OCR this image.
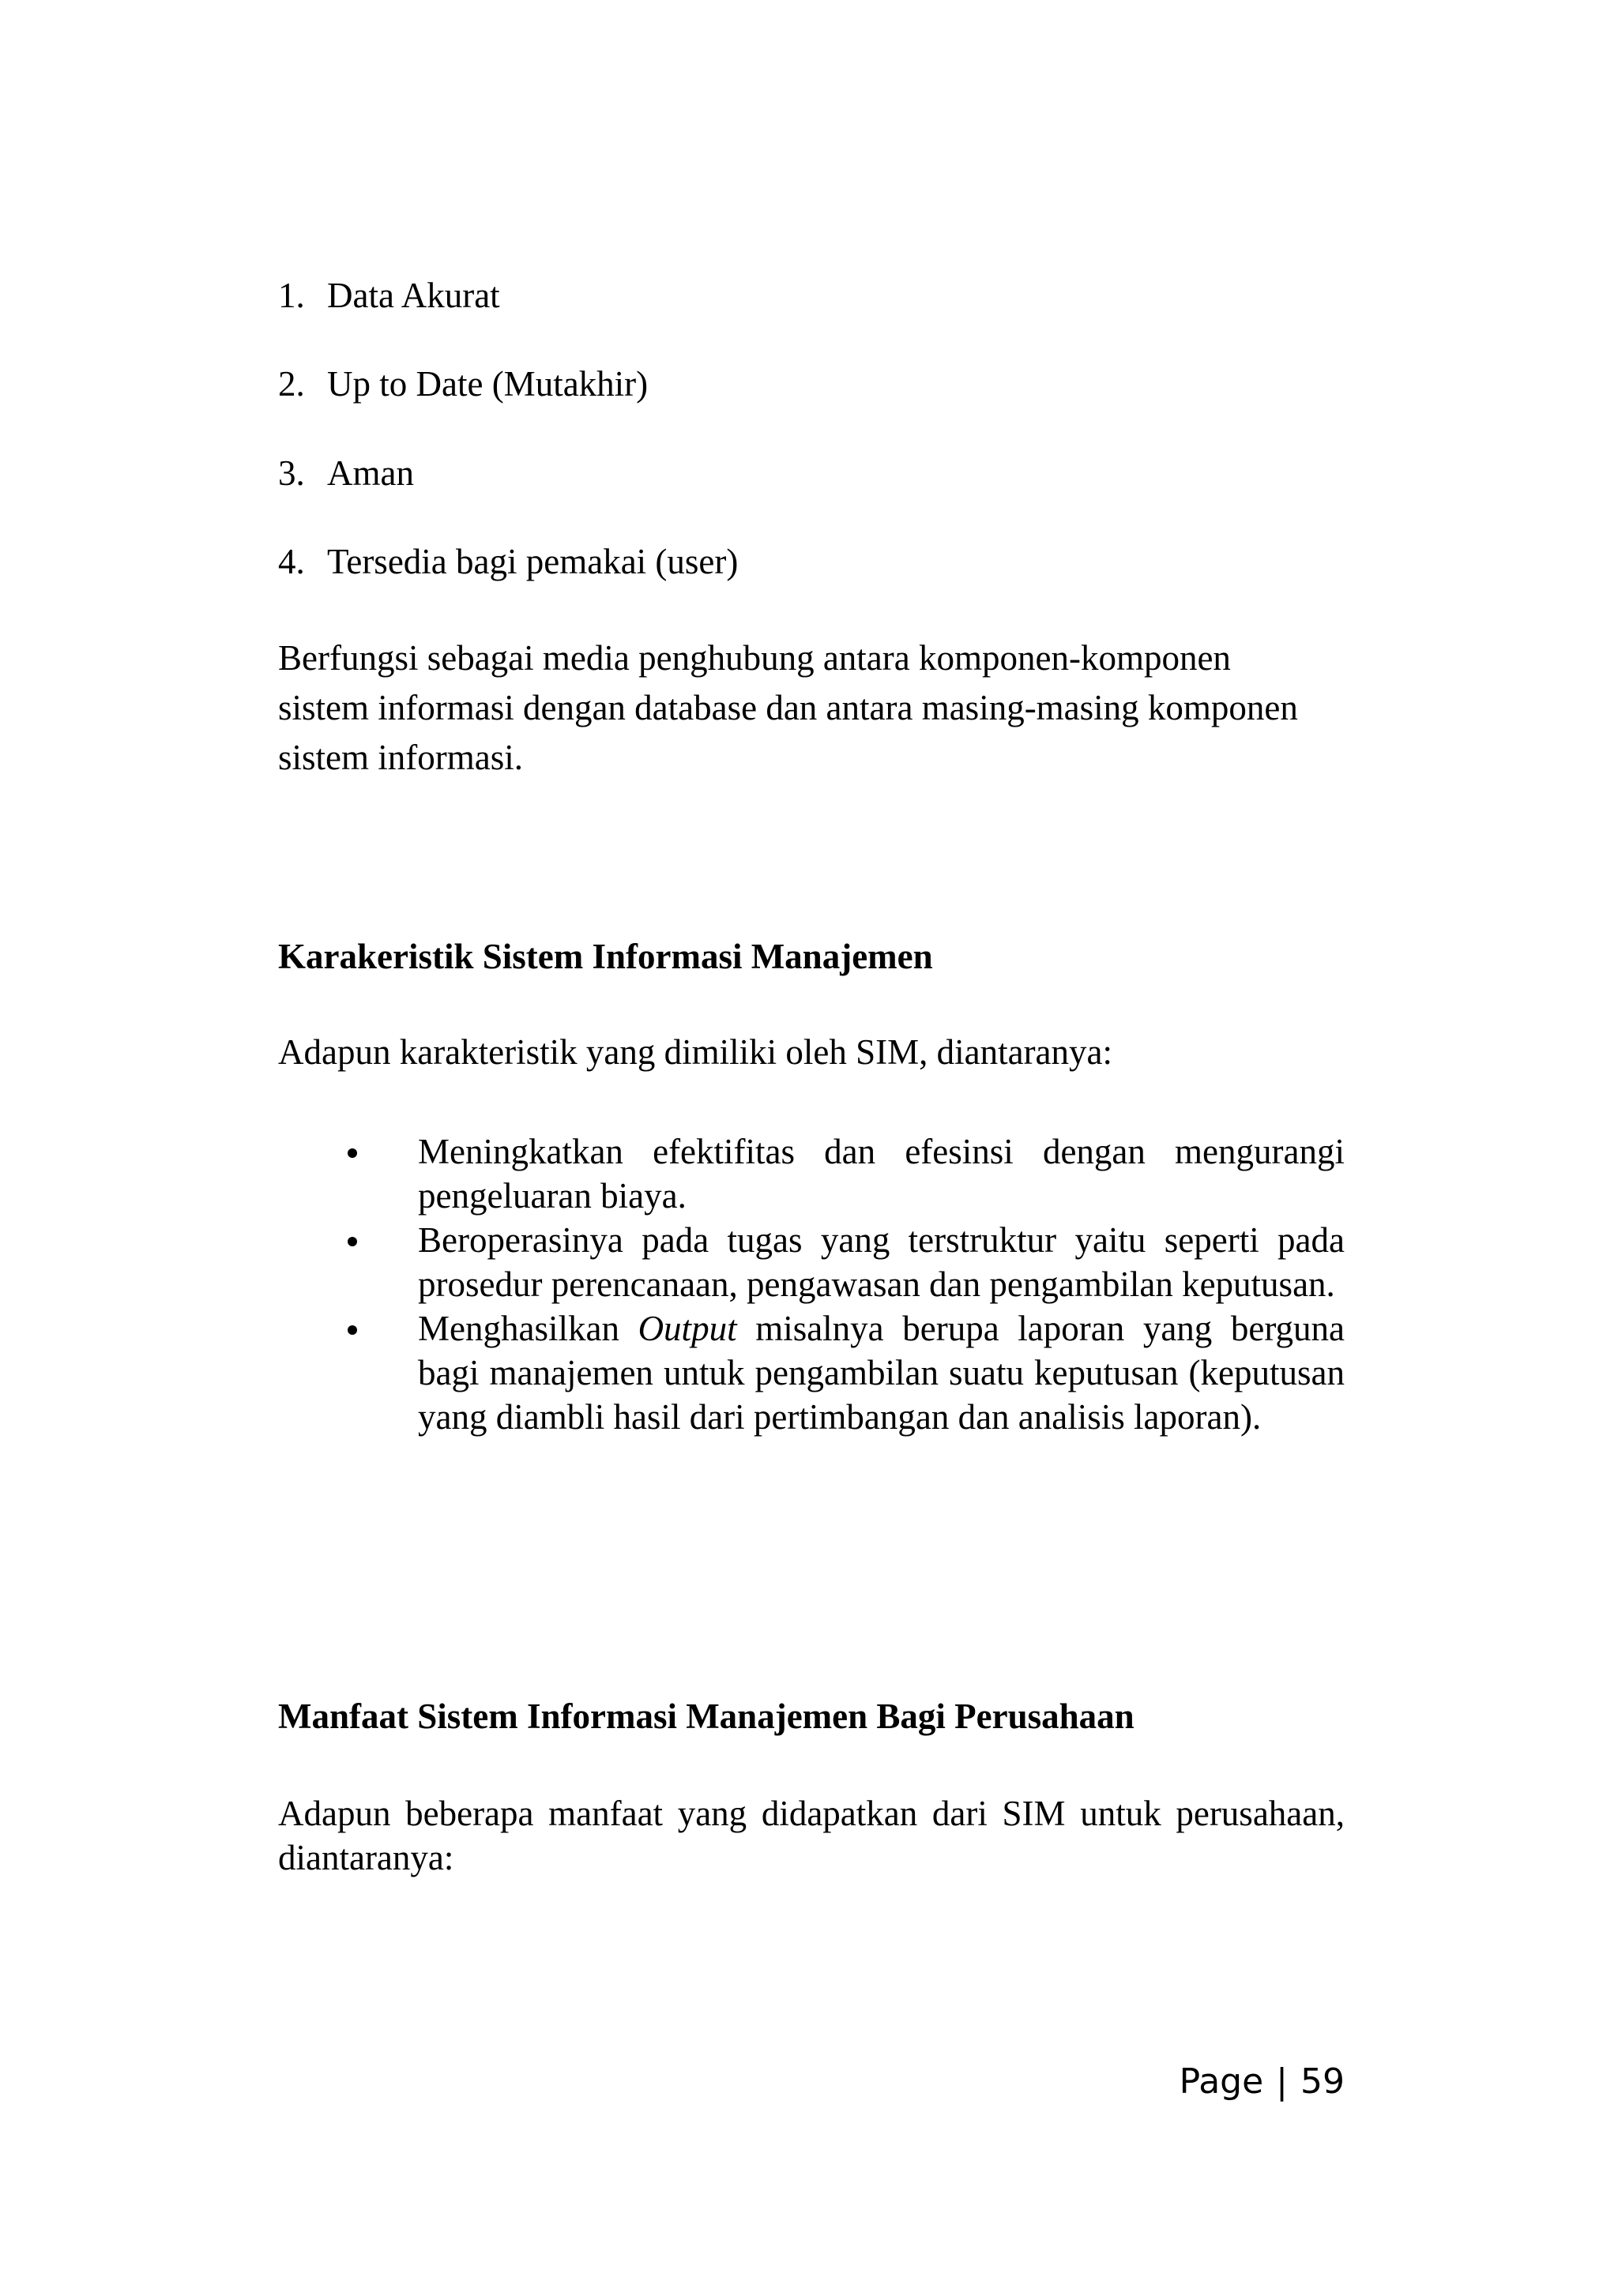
1. Data Akurat
2. Up to Date (Mutakhir)
3. Aman
4. Tersedia bagi pemakai (user)
Berfungsi sebagai media penghubung antara komponen-komponen sistem informasi dengan database dan antara masing-masing komponen sistem informasi.
Karakeristik Sistem Informasi Manajemen
Adapun karakteristik yang dimiliki oleh SIM, diantaranya:
Meningkatkan efektifitas dan efesinsi dengan mengurangi pengeluaran biaya.
Beroperasinya pada tugas yang terstruktur yaitu seperti pada prosedur perencanaan, pengawasan dan pengambilan keputusan.
Menghasilkan Output misalnya berupa laporan yang berguna bagi manajemen untuk pengambilan suatu keputusan (keputusan yang diambli hasil dari pertimbangan dan analisis laporan).
Manfaat Sistem Informasi Manajemen Bagi Perusahaan
Adapun beberapa manfaat yang didapatkan dari SIM untuk perusahaan, diantaranya:
Page | 59
